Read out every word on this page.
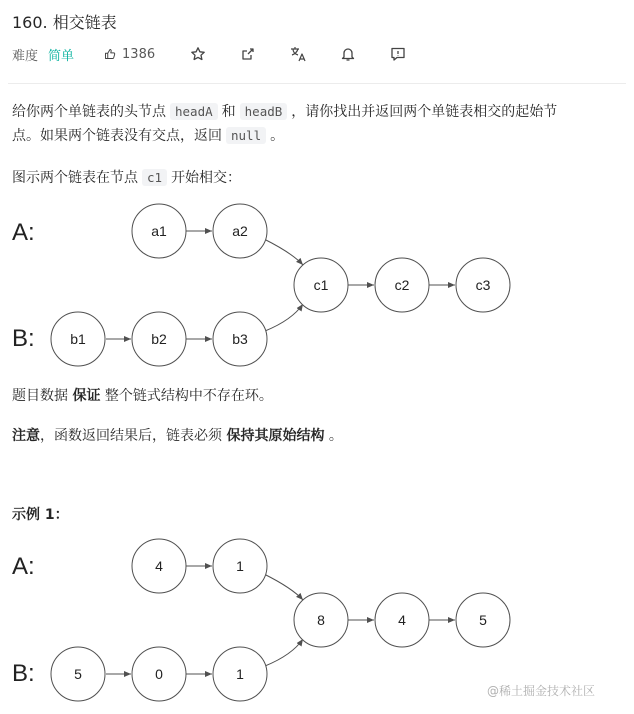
160. 相交链表
难度 简单	1386
给你两个单链表的头节点 headA 和 headB ，请你找出并返回两个单链表相交的起始节
点。如果两个链表没有交点，返回 null 。
图示两个链表在节点 c1 开始相交：
A:
B:
a1	a2
b1	b2	b3
c1	c2	c3
题目数据 保证 整个链式结构中不存在环。
注意，函数返回结果后，链表必须 保持其原始结构 。
示例 1：
A:
B:
4	1
5	0	1
8	4	5
@稀土掘金技术社区
